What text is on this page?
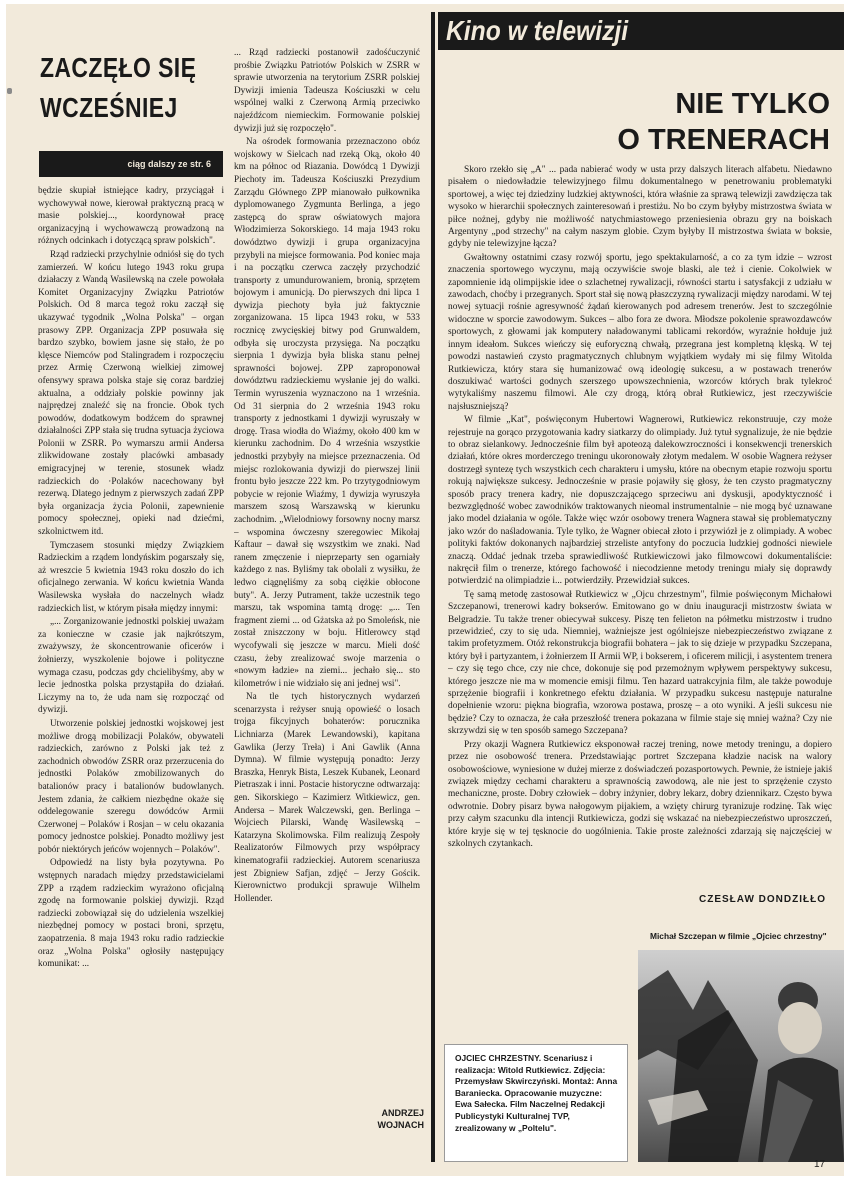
ZACZĘŁO SIĘ
WCZEŚNIEJ
ciąg dalszy ze str. 6

będzie skupiał istniejące kadry, przyciągał i wychowywał nowe, kierował praktyczną pracą w masie polskiej..., koordynował pracę organizacyjną i wychowawczą prowadzoną na różnych odcinkach i dotyczącą spraw polskich".

Rząd radziecki przychylnie odniósł się do tych zamierzeń. W końcu lutego 1943 roku grupa działaczy z Wandą Wasilewską na czele powołała Komitet Organizacyjny Związku Patriotów Polskich. Od 8 marca tegoż roku zaczął się ukazywać tygodnik „Wolna Polska" – organ prasowy ZPP. Organizacja ZPP posuwała się bardzo szybko, bowiem jasne się stało, że po klęsce Niemców pod Stalingradem i rozpoczęciu przez Armię Czerwoną wielkiej zimowej ofensywy sprawa polska staje się coraz bardziej aktualna, a oddziały polskie powinny jak najprędzej znaleźć się na froncie. Obok tych powodów, dodatkowym bodźcem do sprawnej działalności ZPP stała się trudna sytuacja życiowa Polonii w ZSRR. Po wymarszu armii Andersa zlikwidowane zostały placówki ambasady emigracyjnej w terenie, stosunek władz radzieckich do ·Polaków nacechowany był rezerwą. Dlatego jednym z pierwszych zadań ZPP była organizacja życia Polonii, zapewnienie pomocy społecznej, opieki nad dziećmi, szkolnictwem itd.

Tymczasem stosunki między Związkiem Radzieckim a rządem londyńskim pogarszały się, aż wreszcie 5 kwietnia 1943 roku doszło do ich oficjalnego zerwania. W końcu kwietnia Wanda Wasilewska wysłała do naczelnych władz radzieckich list, w którym pisała między innymi:

„... Zorganizowanie jednostki polskiej uważam za konieczne w czasie jak najkrótszym, zważywszy, że skoncentrowanie oficerów i żołnierzy, wyszkolenie bojowe i polityczne wymaga czasu, podczas gdy chcielibyśmy, aby w lecie jednostka polska przystąpiła do działań. Liczymy na to, że uda nam się rozpocząć od dywizji.

Utworzenie polskiej jednostki wojskowej jest możliwe drogą mobilizacji Polaków, obywateli radzieckich, zarówno z Polski jak też z zachodnich obwodów ZSRR oraz przerzucenia do jednostki Polaków zmobilizowanych do batalionów pracy i batalionów budowlanych. Jestem zdania, że całkiem niezbędne okaże się oddelegowanie szeregu dowódców Armii Czerwonej – Polaków i Rosjan – w celu okazania pomocy jednostce polskiej. Ponadto możliwy jest pobór niektórych jeńców wojennych – Polaków".

Odpowiedź na listy była pozytywna. Po wstępnych naradach między przedstawicielami ZPP a rządem radzieckim wyrażono oficjalną zgodę na formowanie polskiej dywizji. Rząd radziecki zobowiązał się do udzielenia wszelkiej niezbędnej pomocy w postaci broni, sprzętu, zaopatrzenia. 8 maja 1943 roku radio radzieckie oraz „Wolna Polska" ogłosiły następujący komunikat: ...

... Rząd radziecki postanowił zadośćuczynić prośbie Związku Patriotów Polskich w ZSRR w sprawie utworzenia na terytorium ZSRR polskiej Dywizji imienia Tadeusza Kościuszki w celu wspólnej walki z Czerwoną Armią przeciwko najeźdźcom niemieckim. Formowanie polskiej dywizji już się rozpoczęło".

Na ośrodek formowania przeznaczono obóz wojskowy w Sielcach nad rzeką Oką, około 40 km na północ od Riazania. Dowódcą 1 Dywizji Piechoty im. Tadeusza Kościuszki Prezydium Zarządu Głównego ZPP mianowało pułkownika dyplomowanego Zygmunta Berlinga, a jego zastępcą do spraw oświatowych majora Włodzimierza Sokorskiego. 14 maja 1943 roku dowództwo dywizji i grupa organizacyjna przybyli na miejsce formowania. Pod koniec maja i na początku czerwca zaczęły przychodzić transporty z umundurowaniem, bronią, sprzętem bojowym i amunicją. Do pierwszych dni lipca 1 dywizja piechoty była już faktycznie zorganizowana. 15 lipca 1943 roku, w 533 rocznicę zwycięskiej bitwy pod Grunwaldem, odbyła się uroczysta przysięga. Na początku sierpnia 1 dywizja była bliska stanu pełnej sprawności bojowej. ZPP zaproponował dowództwu radzieckiemu wysłanie jej do walki. Termin wyruszenia wyznaczono na 1 września. Od 31 sierpnia do 2 września 1943 roku transporty z jednostkami 1 dywizji wyruszały w drogę. Trasa wiodła do Wiaźmy, około 400 km w kierunku zachodnim. Do 4 września wszystkie jednostki przybyły na miejsce przeznaczenia. Od miejsc rozlokowania dywizji do pierwszej linii frontu było jeszcze 222 km. Po trzytygodniowym pobycie w rejonie Wiaźmy, 1 dywizja wyruszyła marszem szosą Warszawską w kierunku zachodnim. „Wielodniowy forsowny nocny marsz – wspomina ówczesny szeregowiec Mikołaj Kaftaur – dawał się wszystkim we znaki. Nad ranem zmęczenie i nieprzeparty sen ogarniały każdego z nas. Byliśmy tak obolali z wysiłku, że ledwo ciągnęliśmy za sobą ciężkie obłocone buty". A. Jerzy Putrament, także uczestnik tego marszu, tak wspomina tamtą drogę: „... Ten fragment ziemi ... od Gżatska aż po Smoleńsk, nie został zniszczony w boju. Hitlerowcy stąd wycofywali się jeszcze w marcu. Mieli dość czasu, żeby zrealizować swoje marzenia o «nowym ładzie» na ziemi... jechało się... sto kilometrów i nie widziało się ani jednej wsi".

Na tle tych historycznych wydarzeń scenarzysta i reżyser snują opowieść o losach trojga fikcyjnych bohaterów: porucznika Lichniarza (Marek Lewandowski), kapitana Gawlika (Jerzy Treła) i Ani Gawlik (Anna Dymna). W filmie występują ponadto: Jerzy Braszka, Henryk Bista, Leszek Kubanek, Leonard Pietraszak i inni. Postacie historyczne odtwarzają: gen. Sikorskiego – Kazimierz Witkiewicz, gen. Andersa – Marek Walczewski, gen. Berlinga – Wojciech Pilarski, Wandę Wasilewską – Katarzyna Skolimowska. Film realizują Zespoły Realizatorów Filmowych przy współpracy kinematografii radzieckiej. Autorem scenariusza jest Zbigniew Safjan, zdjęć – Jerzy Gościk. Kierownictwo produkcji sprawuje Wilhelm Hollender.

ANDRZEJ
WOJNACH
Kino w telewizji
NIE TYLKO
O TRENERACH

Skoro rzekło się „A" ... pada nabierać wody w usta przy dalszych literach alfabetu. Niedawno pisałem o niedowładzie telewizyjnego filmu dokumentalnego w penetrowaniu problematyki sportowej, a więc tej dziedziny ludzkiej aktywności, która właśnie za sprawą telewizji zawdzięcza tak wysoko w hierarchii społecznych zainteresowań i prestiżu. No bo czym byłyby mistrzostwa świata w piłce nożnej, gdyby nie możliwość natychmiastowego przeniesienia obrazu gry na boiskach Argentyny „pod strzechy" na całym naszym globie. Czym byłyby II mistrzostwa świata w boksie, gdyby nie telewizyjne łącza?

Gwałtowny ostatnimi czasy rozwój sportu, jego spektakularność, a co za tym idzie – wzrost znaczenia sportowego wyczynu, mają oczywiście swoje blaski, ale też i cienie. Cokolwiek w zapomnienie idą olimpijskie idee o szlachetnej rywalizacji, równości startu i satysfakcji z udziału w zawodach, choćby i przegranych. Sport stał się nową płaszczyzną rywalizacji między narodami. W tej nowej sytuacji rośnie agresywność żądań kierowanych pod adresem trenerów. Jest to szczególnie widoczne w sporcie zawodowym. Sukces – albo fora ze dwora. Młodsze pokolenie sprawozdawców sportowych, z głowami jak komputery naładowanymi tablicami rekordów, wyraźnie hołduje już innym ideałom. Sukces wieńczy się euforyczną chwałą, przegrana jest kompletną klęską. W tej powodzi nastawień czysto pragmatycznych chlubnym wyjątkiem wydały mi się filmy Witolda Rutkiewicza, który stara się humanizować ową ideologię sukcesu, a w postawach trenerów doszukiwać wartości godnych szerszego upowszechnienia, wzorców których brak tylekroć wytykaliśmy naszemu filmowi. Ale czy drogą, którą obrał Rutkiewicz, jest rzeczywiście najsłuszniejszą?

W filmie „Kat", poświęconym Hubertowi Wagnerowi, Rutkiewicz rekonstruuje, czy może rejestruje na gorąco przygotowania kadry siatkarzy do olimpiady. Już tytuł sygnalizuje, że nie będzie to obraz sielankowy. Jednocześnie film był apoteozą dalekowzroczności i konsekwencji trenerskich działań, które okres morderczego treningu ukoronowały złotym medalem. W osobie Wagnera reżyser dostrzegł syntezę tych wszystkich cech charakteru i umysłu, które na obecnym etapie rozwoju sportu rokują największe sukcesy. Jednocześnie w prasie pojawiły się głosy, że ten czysto pragmatyczny sposób pracy trenera kadry, nie dopuszczającego sprzeciwu ani dyskusji, apodyktyczność i bezwzględność wobec zawodników traktowanych nieomal instrumentalnie – nie mogą być uznawane jako model działania w ogóle. Także więc wzór osobowy trenera Wagnera stawał się problematyczny jako wzór do naśladowania. Tyle tylko, że Wagner obiecał złoto i przywiózł je z olimpiady. A wobec polityki faktów dokonanych najbardziej strzeliste antyfony do poczucia ludzkiej godności niewiele znaczą. Oddać jednak trzeba sprawiedliwość Rutkiewiczowi jako filmowcowi dokumentaliście: nakręcił film o trenerze, którego fachowość i niecodzienne metody treningu miały się doprawdy potwierdzić na olimpiadzie i... potwierdziły. Przewidział sukces.

Tę samą metodę zastosował Rutkiewicz w „Ojcu chrzestnym", filmie poświęconym Michałowi Szczepanowi, trenerowi kadry bokserów. Emitowano go w dniu inauguracji mistrzostw świata w Belgradzie. Tu także trener obiecywał sukcesy. Piszę ten felieton na półmetku mistrzostw i trudno przewidzieć, czy to się uda. Niemniej, ważniejsze jest ogólniejsze niebezpieczeństwo związane z takim profetyzmem. Otóż rekonstrukcja biografii bohatera – jak to się dzieje w przypadku Szczepana, który był i partyzantem, i żołnierzem II Armii WP, i bokserem, i oficerem milicji, i asystentem trenera – czy się tego chce, czy nie chce, dokonuje się pod przemożnym wpływem perspektywy sukcesu, którego jeszcze nie ma w momencie emisji filmu. Ten hazard uatrakcyjnia film, ale także powoduje sprzężenie biografii i konkretnego efektu działania. W przypadku sukcesu następuje naturalne dopełnienie wzoru: piękna biografia, wzorowa postawa, proszę – a oto wyniki. A jeśli sukcesu nie będzie? Czy to oznacza, że cała przeszłość trenera pokazana w filmie staje się mniej ważna? Czy nie skrzywdzi się w ten sposób samego Szczepana?

Przy okazji Wagnera Rutkiewicz eksponował raczej trening, nowe metody treningu, a dopiero przez nie osobowość trenera. Przedstawiając portret Szczepana kładzie nacisk na walory osobowościowe, wyniesione w dużej mierze z doświadczeń pozasportowych. Pewnie, że istnieje jakiś związek między cechami charakteru a sprawnością zawodową, ale nie jest to sprzężenie czysto mechaniczne, proste. Dobry człowiek – dobry inżynier, dobry lekarz, dobry dziennikarz. Często bywa odwrotnie. Dobry pisarz bywa nałogowym pijakiem, a wzięty chirurg tyranizuje rodzinę. Tak więc przy całym szacunku dla intencji Rutkiewicza, godzi się wskazać na niebezpieczeństwo uproszczeń, które kryje się w tej tęsknocie do uogólnienia. Takie proste zależności zdarzają się najczęściej w szkolnych czytankach.

CZESŁAW DONDZIŁŁO
Michał Szczepan w filmie „Ojciec chrzestny"
OJCIEC CHRZESTNY. Scenariusz i realizacja: Witold Rutkiewicz. Zdjęcia: Przemysław Skwirczyński. Montaż: Anna Baraniecka. Opracowanie muzyczne: Ewa Sałecka. Film Naczelnej Redakcji Publicystyki Kulturalnej TVP, zrealizowany w „Poltelu".
17
